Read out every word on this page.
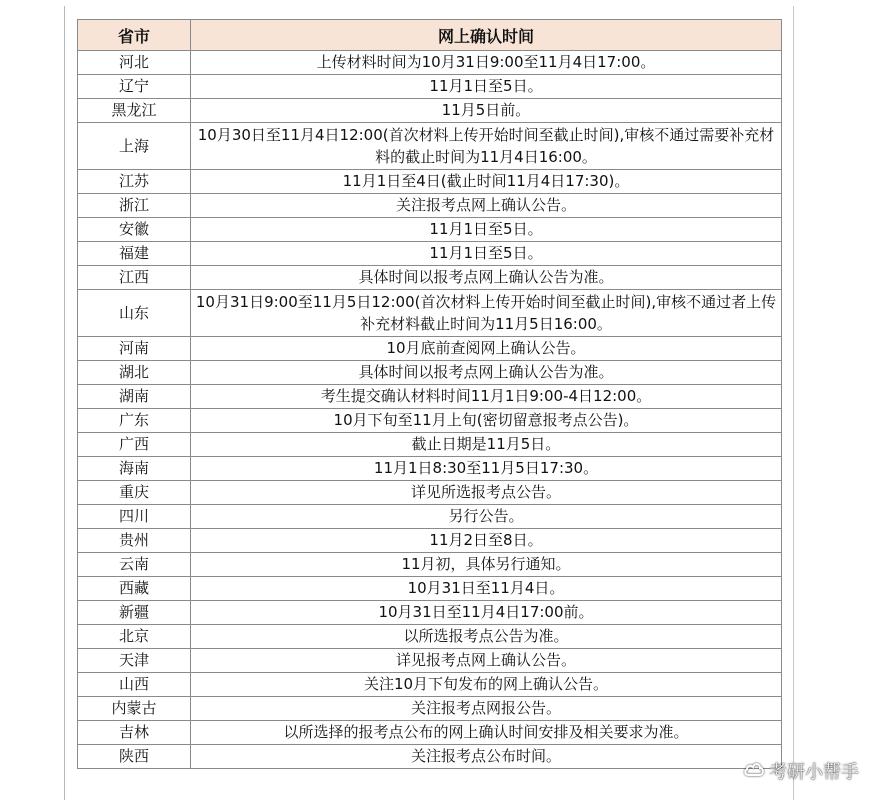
省市	网上确认时间
河北	上传材料时间为10月31日9:00至11月4日17:00。
辽宁	11月1日至5日。
黑龙江	11月5日前。
上海	10月30日至11月4日12:00(首次材料上传开始时间至截止时间),审核不通过需要补充材料的截止时间为11月4日16:00。
江苏	11月1日至4日(截止时间11月4日17:30)。
浙江	关注报考点网上确认公告。
安徽	11月1日至5日。
福建	11月1日至5日。
江西	具体时间以报考点网上确认公告为准。
山东	10月31日9:00至11月5日12:00(首次材料上传开始时间至截止时间),审核不通过者上传补充材料截止时间为11月5日16:00。
河南	10月底前查阅网上确认公告。
湖北	具体时间以报考点网上确认公告为准。
湖南	考生提交确认材料时间11月1日9:00-4日12:00。
广东	10月下旬至11月上旬(密切留意报考点公告)。
广西	截止日期是11月5日。
海南	11月1日8:30至11月5日17:30。
重庆	详见所选报考点公告。
四川	另行公告。
贵州	11月2日至8日。
云南	11月初，具体另行通知。
西藏	10月31日至11月4日。
新疆	10月31日至11月4日17:00前。
北京	以所选报考点公告为准。
天津	详见报考点网上确认公告。
山西	关注10月下旬发布的网上确认公告。
内蒙古	关注报考点网报公告。
吉林	以所选择的报考点公布的网上确认时间安排及相关要求为准。
陕西	关注报考点公布时间。
考研小帮手
